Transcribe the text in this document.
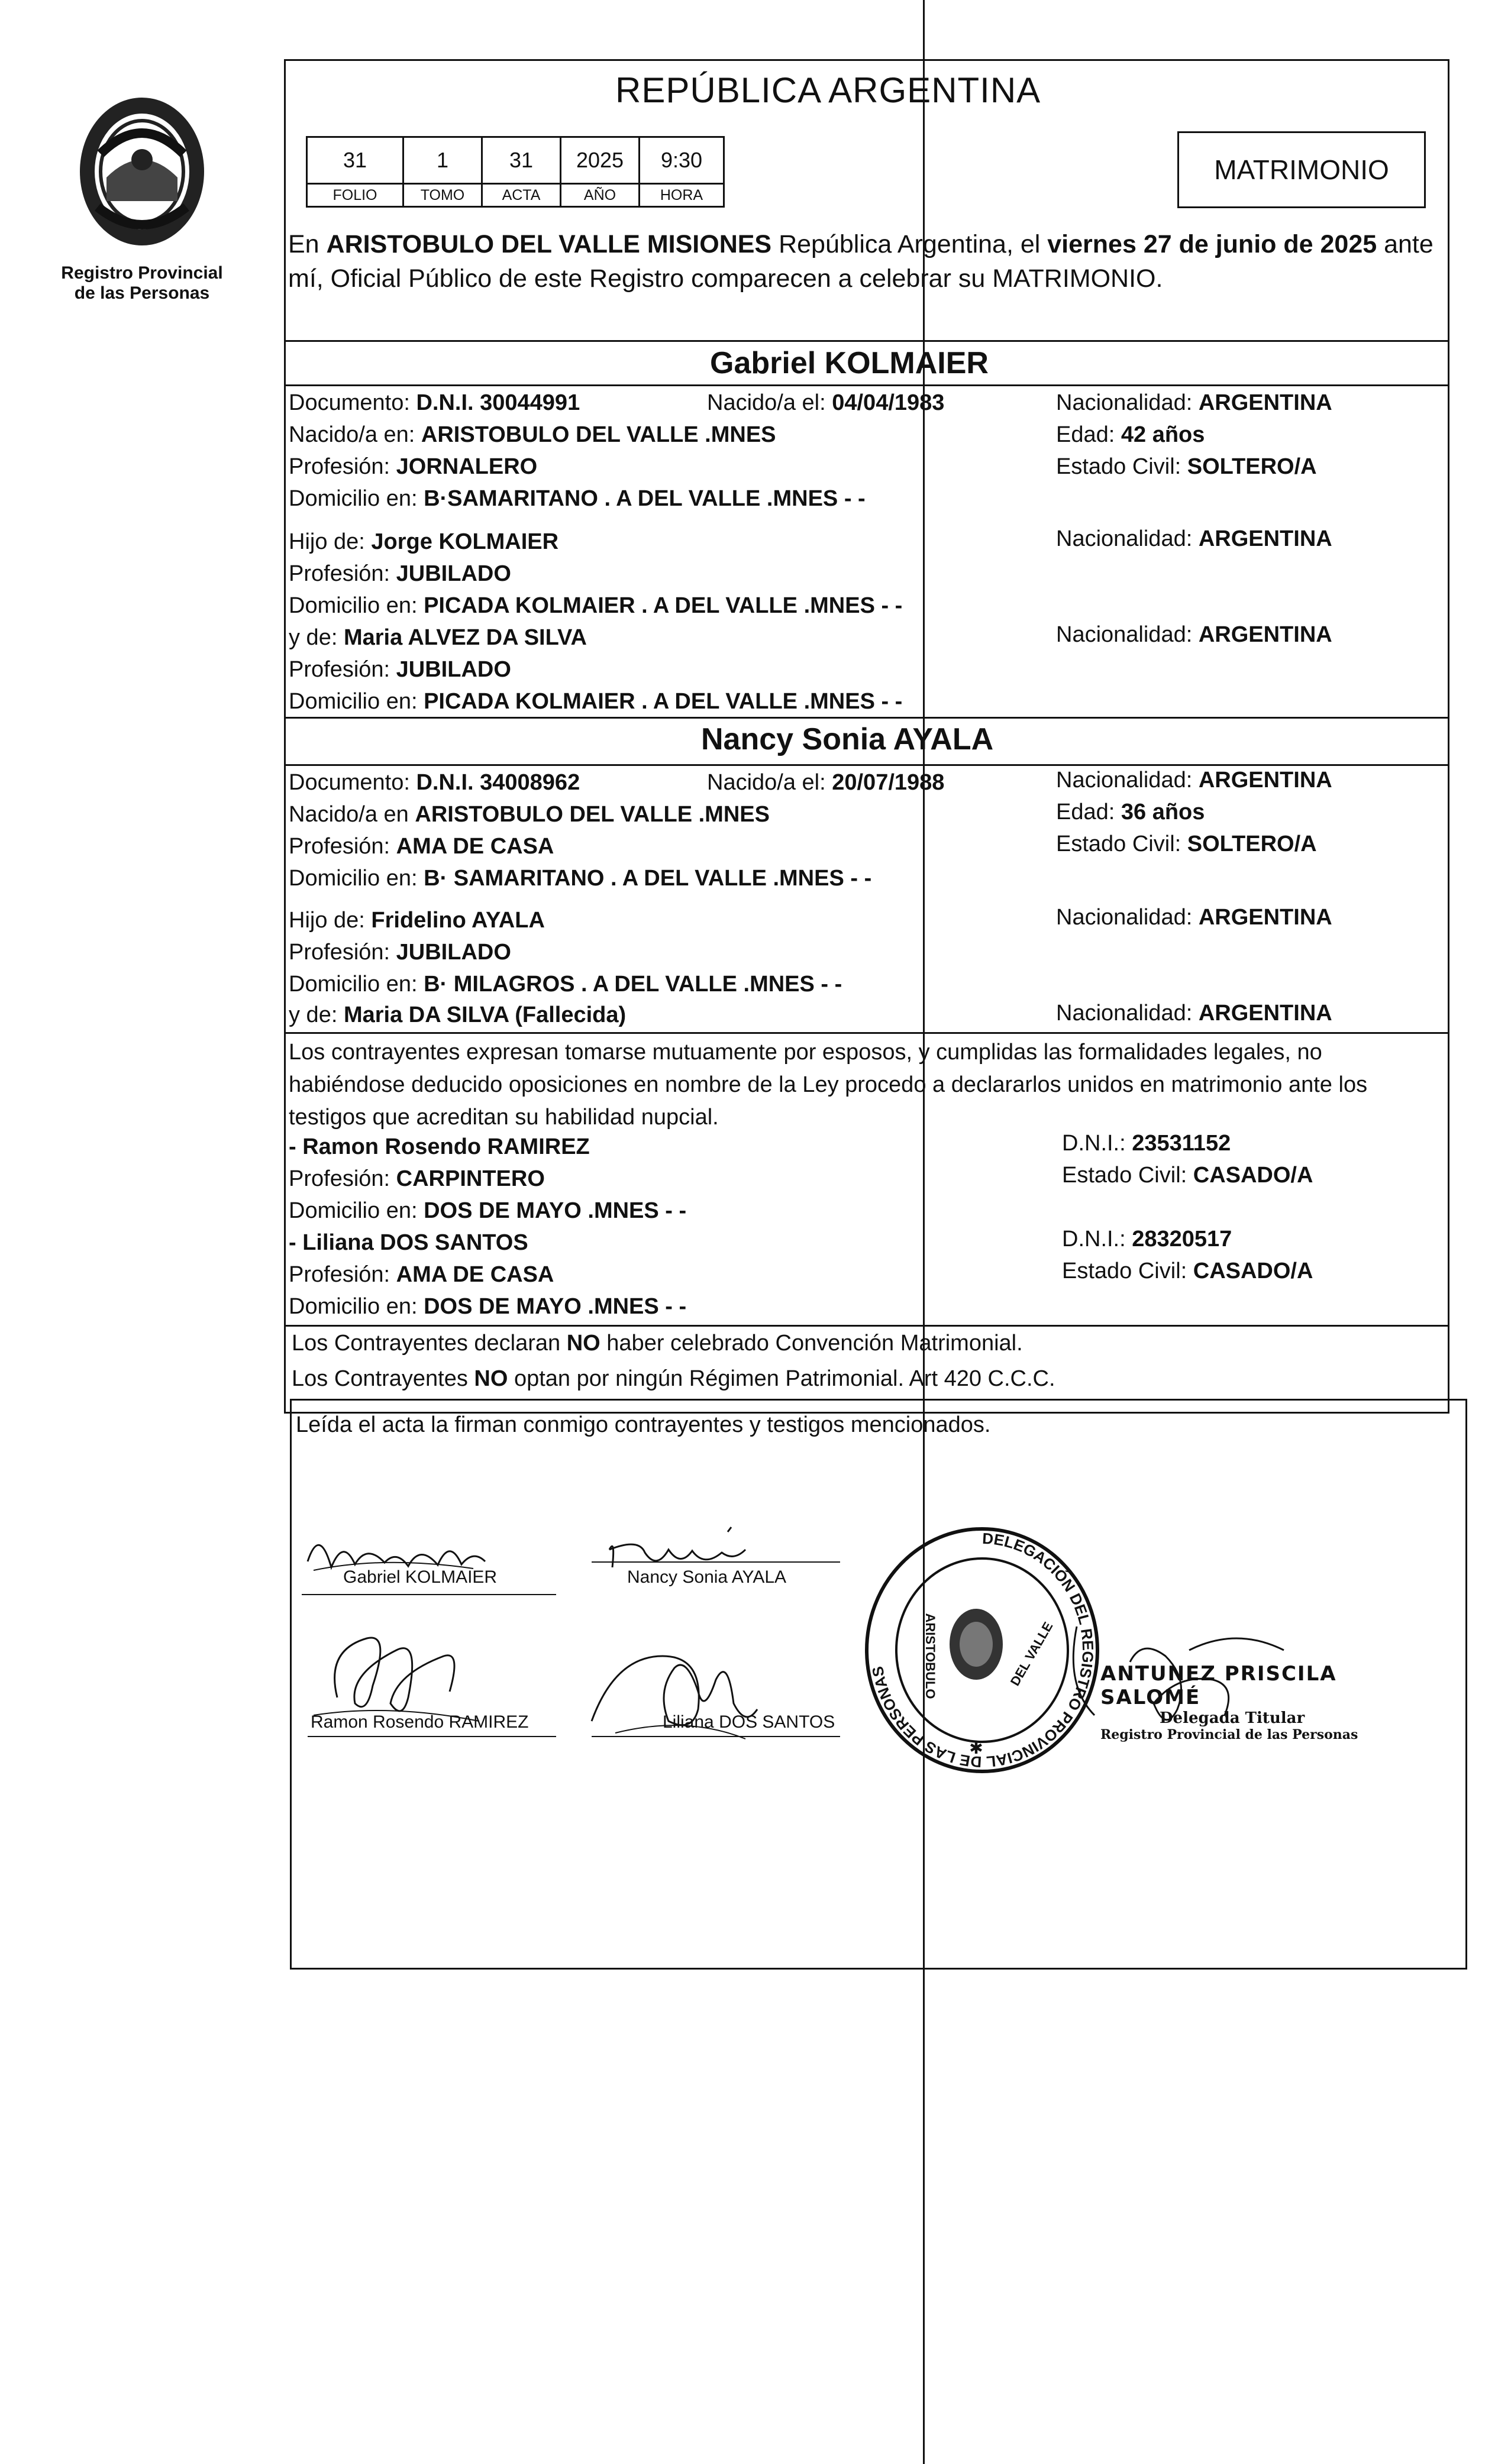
Registro Provincial
de las Personas
REPÚBLICA ARGENTINA
31	1	31	2025	9:30
FOLIO	TOMO	ACTA	AÑO	HORA
MATRIMONIO
En ARISTOBULO DEL VALLE MISIONES República Argentina, el viernes 27 de junio de 2025 ante mí, Oficial Público de este Registro comparecen a celebrar su MATRIMONIO.
Gabriel KOLMAIER
Documento: D.N.I. 30044991	Nacido/a el: 04/04/1983	Nacionalidad: ARGENTINA
Nacido/a en: ARISTOBULO DEL VALLE .MNES	Edad: 42 años
Profesión: JORNALERO	Estado Civil: SOLTERO/A
Domicilio en: B·SAMARITANO . A DEL VALLE .MNES - -
Hijo de: Jorge KOLMAIER	Nacionalidad: ARGENTINA
Profesión: JUBILADO
Domicilio en: PICADA KOLMAIER . A DEL VALLE .MNES - -
y de: Maria ALVEZ DA SILVA	Nacionalidad: ARGENTINA
Profesión: JUBILADO
Domicilio en: PICADA KOLMAIER . A DEL VALLE .MNES - -
Nancy Sonia AYALA
Documento: D.N.I. 34008962	Nacido/a el: 20/07/1988	Nacionalidad: ARGENTINA
Nacido/a en ARISTOBULO DEL VALLE .MNES	Edad: 36 años
Profesión: AMA DE CASA	Estado Civil: SOLTERO/A
Domicilio en: B· SAMARITANO . A DEL VALLE .MNES - -
Hijo de: Fridelino AYALA	Nacionalidad: ARGENTINA
Profesión: JUBILADO
Domicilio en: B· MILAGROS . A DEL VALLE .MNES - -
y de: Maria DA SILVA (Fallecida)	Nacionalidad: ARGENTINA
Los contrayentes expresan tomarse mutuamente por esposos, y cumplidas las formalidades legales, no habiéndose deducido oposiciones en nombre de la Ley procedo a declararlos unidos en matrimonio ante los testigos que acreditan su habilidad nupcial.
- Ramon Rosendo RAMIREZ	D.N.I.: 23531152
Profesión: CARPINTERO	Estado Civil: CASADO/A
Domicilio en: DOS DE MAYO .MNES - -
- Liliana DOS SANTOS	D.N.I.: 28320517
Profesión: AMA DE CASA	Estado Civil: CASADO/A
Domicilio en: DOS DE MAYO .MNES - -
Los Contrayentes declaran NO haber celebrado Convención Matrimonial.
Los Contrayentes NO optan por ningún Régimen Patrimonial. Art 420 C.C.C.
Leída el acta la firman conmigo contrayentes y testigos mencionados.
Gabriel KOLMAIER	Nancy Sonia AYALA
Ramon Rosendo RAMIREZ	Liliana DOS SANTOS
DELEGACIÓN DEL REGISTRO PROVINCIAL DE LAS PERSONAS	ARISTOBULO	DEL VALLE
✱
ANTUNEZ PRISCILA SALOMÉ
Delegada Titular
Registro Provincial de las Personas
